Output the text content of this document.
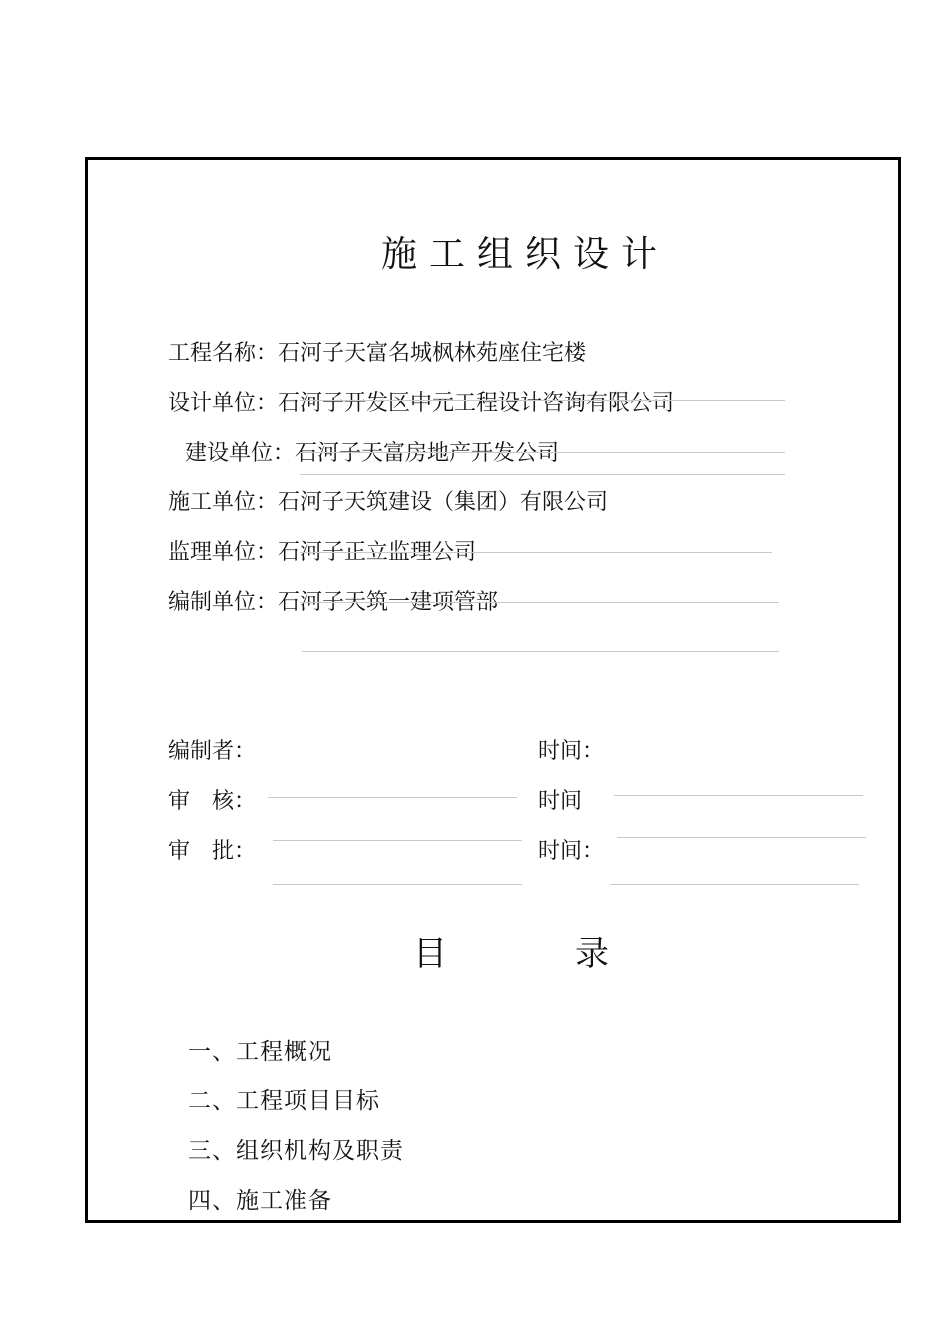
施工组织设计
工程名称：石河子天富名城枫林苑座住宅楼
设计单位：石河子开发区中元工程设计咨询有限公司
建设单位：石河子天富房地产开发公司
施工单位：石河子天筑建设（集团）有限公司
监理单位：石河子正立监理公司
编制单位：石河子天筑一建项管部
编制者：	时间：
审　核：	时间
审　批：	时间：
目	录
一、工程概况
二、工程项目目标
三、组织机构及职责
四、施工准备
